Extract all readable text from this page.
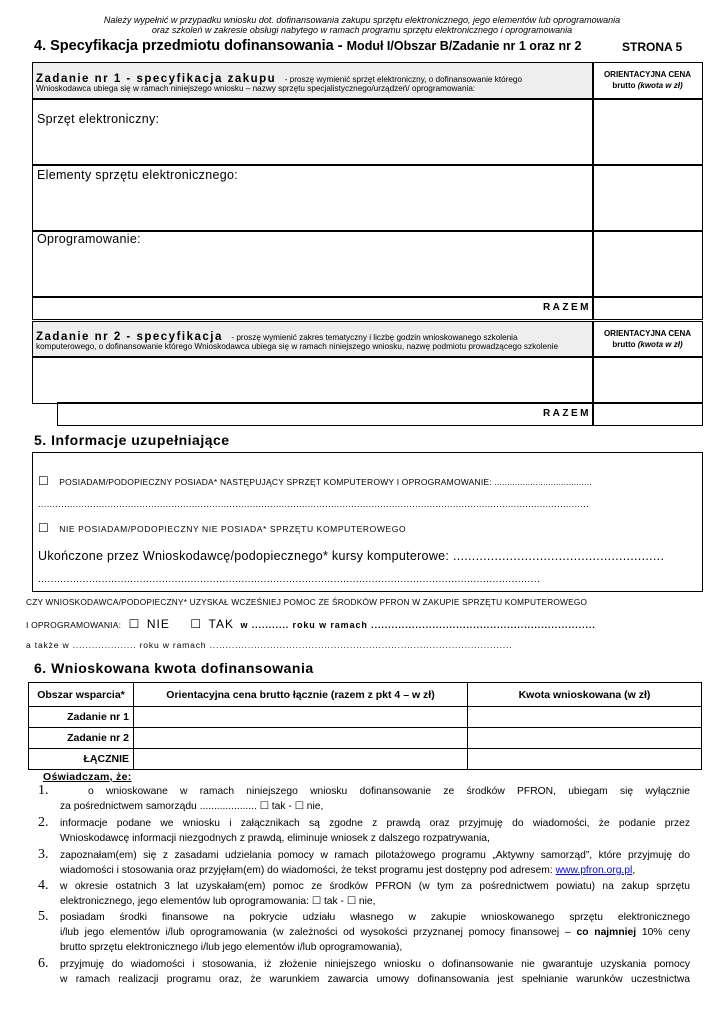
Należy wypełnić w przypadku wniosku dot. dofinansowania zakupu sprzętu elektronicznego, jego elementów lub oprogramowania
oraz szkoleń w zakresie obsługi nabytego w ramach programu sprzętu elektronicznego i oprogramowania
4. Specyfikacja przedmiotu dofinansowania - Moduł I/Obszar B/Zadanie nr 1 oraz nr 2	STRONA 5
Zadanie nr 1 - specyfikacja zakupu - proszę wymienić sprzęt elektroniczny, o dofinansowanie którego
Wnioskodawca ubiega się w ramach niniejszego wniosku – nazwy sprzętu specjalistycznego/urządzeń/ oprogramowania:
ORIENTACYJNA CENA
brutto (kwota w zł)
Sprzęt elektroniczny:
Elementy sprzętu elektronicznego:
Oprogramowanie:
RAZEM
Zadanie nr 2 - specyfikacja - proszę wymienić zakres tematyczny i liczbę godzin wnioskowanego szkolenia
komputerowego, o dofinansowanie którego Wnioskodawca ubiega się w ramach niniejszego wniosku, nazwę podmiotu prowadzącego szkolenie
ORIENTACYJNA CENA
brutto (kwota w zł)
RAZEM
5. Informacje uzupełniające
☐ POSIADAM/PODOPIECZNY POSIADA* NASTĘPUJĄCY SPRZĘT KOMPUTEROWY I OPROGRAMOWANIE: ......................................
..............................................................................................................................................................................................
☐ NIE POSIADAM/PODOPIECZNY NIE POSIADA* SPRZĘTU KOMPUTEROWEGO
Ukończone przez Wnioskodawcę/podopiecznego* kursy komputerowe: ........................................................
..............................................................................................................................................................
CZY WNIOSKODAWCA/PODOPIECZNY* UZYSKAŁ WCZEŚNIEJ POMOC ZE ŚRODKÓW PFRON W ZAKUPIE SPRZĘTU KOMPUTEROWEGO
I OPROGRAMOWANIA: ☐ NIE ☐ TAK w ........... roku w ramach ..................................................................
a także w .................... roku w ramach ...............................................................................................
6. Wnioskowana kwota dofinansowania
Obszar wsparcia*	Orientacyjna cena brutto łącznie (razem z pkt 4 – w zł)	Kwota wnioskowana (w zł)
Zadanie nr 1		
Zadanie nr 2		
ŁĄCZNIE		
Oświadczam, że:
1.	o wnioskowane w ramach niniejszego wniosku dofinansowanie ze środków PFRON, ubiegam się wyłącznie
za pośrednictwem samorządu .................... ☐ tak - ☐ nie,
2. informacje podane we wniosku i załącznikach są zgodne z prawdą oraz przyjmuję do wiadomości, że podanie przez
Wnioskodawcę informacji niezgodnych z prawdą, eliminuje wniosek z dalszego rozpatrywania,
3. zapoznałam(em) się z zasadami udzielania pomocy w ramach pilotażowego programu „Aktywny samorząd”, które przyjmuję do
wiadomości i stosowania oraz przyjęłam(em) do wiadomości, że tekst programu jest dostępny pod adresem: www.pfron.org.pl,
4. w okresie ostatnich 3 lat uzyskałam(em) pomoc ze środków PFRON (w tym za pośrednictwem powiatu) na zakup sprzętu
elektronicznego, jego elementów lub oprogramowania: ☐ tak - ☐ nie,
5. posiadam środki finansowe na pokrycie udziału własnego w zakupie wnioskowanego sprzętu elektronicznego
i/lub jego elementów i/lub oprogramowania (w zależności od wysokości przyznanej pomocy finansowej – co najmniej 10% ceny
brutto sprzętu elektronicznego i/lub jego elementów i/lub oprogramowania),
6. przyjmuję do wiadomości i stosowania, iż złożenie niniejszego wniosku o dofinansowanie nie gwarantuje uzyskania pomocy
w ramach realizacji programu oraz, że warunkiem zawarcia umowy dofinansowania jest spełnianie warunków uczestnictwa
